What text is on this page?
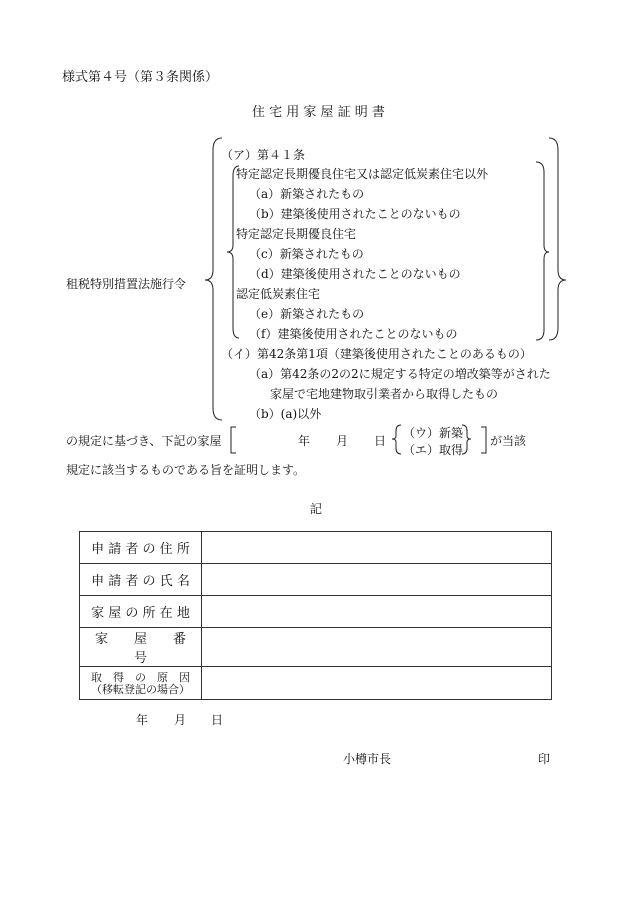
様式第４号（第３条関係）
住 宅 用 家 屋 証 明 書
租税特別措置法施行令
（ア）第４１条
特定認定長期優良住宅又は認定低炭素住宅以外
（a）新築されたもの
（b）建築後使用されたことのないもの
特定認定長期優良住宅
（c）新築されたもの
（d）建築後使用されたことのないもの
認定低炭素住宅
（e）新築されたもの
（f）建築後使用されたことのないもの
（イ）第42条第1項（建築後使用されたことのあるもの）
（a）第42条の2の2に規定する特定の増改築等がされた
家屋で宅地建物取引業者から取得したもの
（b）(a)以外
の規定に基づき、下記の家屋	年 月 日
（ウ）新築
（エ）取得
が当該
規定に該当するものである旨を証明します。
記
申 請 者 の 住 所	
申 請 者 の 氏 名	
家 屋 の 所 在 地	
家　　屋　　番　　号	

取　得　の　原　因
（移転登記の場合）	

年 月 日
小樽市長	印
